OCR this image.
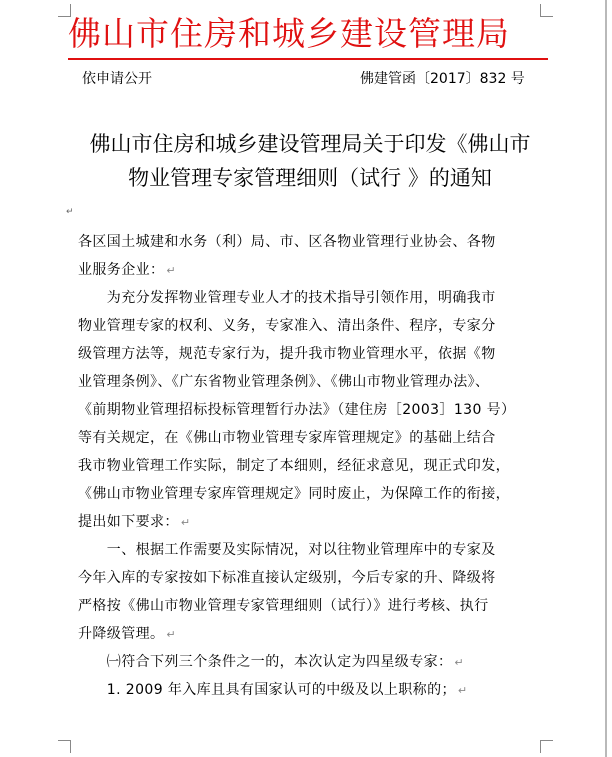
佛山市住房和城乡建设管理局
依申请公开	佛建管函〔2017〕832 号
佛山市住房和城乡建设管理局关于印发《佛山市
物业管理专家管理细则（试行 》的通知
↵
各区国土城建和水务（利）局、市、区各物业管理行业协会、各物
业服务企业： ↵
　　为充分发挥物业管理专业人才的技术指导引领作用，明确我市
物业管理专家的权利、义务，专家准入、清出条件、程序，专家分
级管理方法等，规范专家行为，提升我市物业管理水平，依据《物
业管理条例》、《广东省物业管理条例》、《佛山市物业管理办法》、
《前期物业管理招标投标管理暂行办法》（建住房［2003］130 号）
等有关规定，在《佛山市物业管理专家库管理规定》的基础上结合
我市物业管理工作实际，制定了本细则，经征求意见，现正式印发，
《佛山市物业管理专家库管理规定》同时废止，为保障工作的衔接，
提出如下要求： ↵
　　一、根据工作需要及实际情况，对以往物业管理库中的专家及
今年入库的专家按如下标准直接认定级别，今后专家的升、降级将
严格按《佛山市物业管理专家管理细则（试行）》进行考核、执行
升降级管理。 ↵
　　㈠符合下列三个条件之一的，本次认定为四星级专家： ↵
　　1. 2009 年入库且具有国家认可的中级及以上职称的； ↵
